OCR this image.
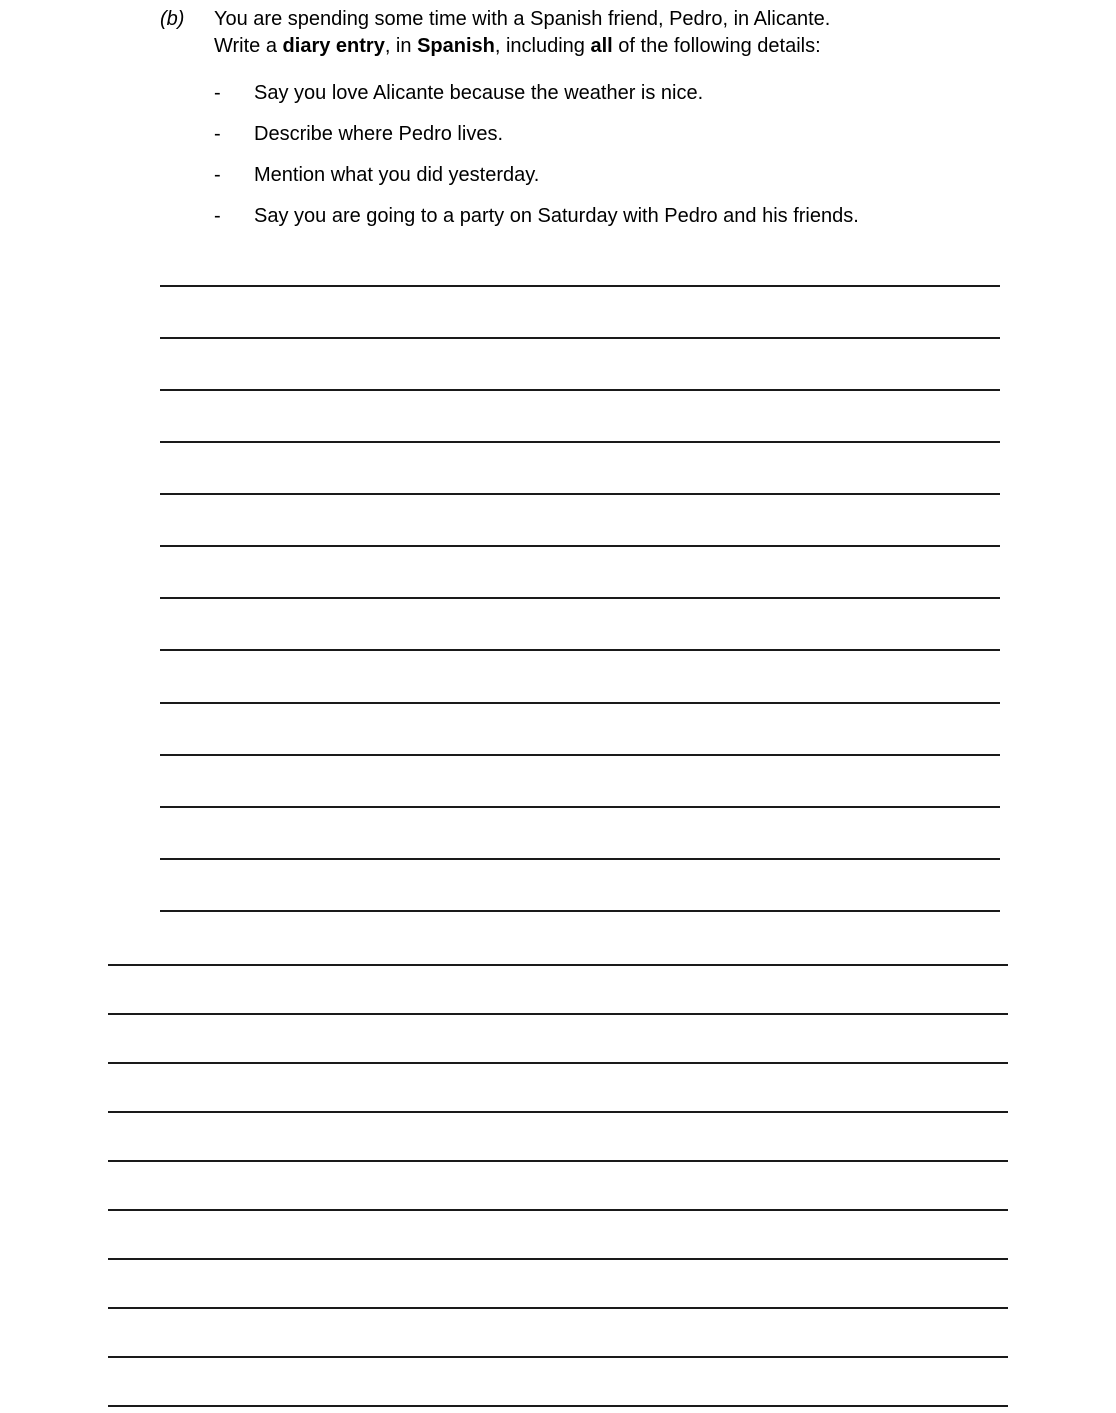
(b) You are spending some time with a Spanish friend, Pedro, in Alicante.
Write a diary entry, in Spanish, including all of the following details:
- Say you love Alicante because the weather is nice.
- Describe where Pedro lives.
- Mention what you did yesterday.
- Say you are going to a party on Saturday with Pedro and his friends.
